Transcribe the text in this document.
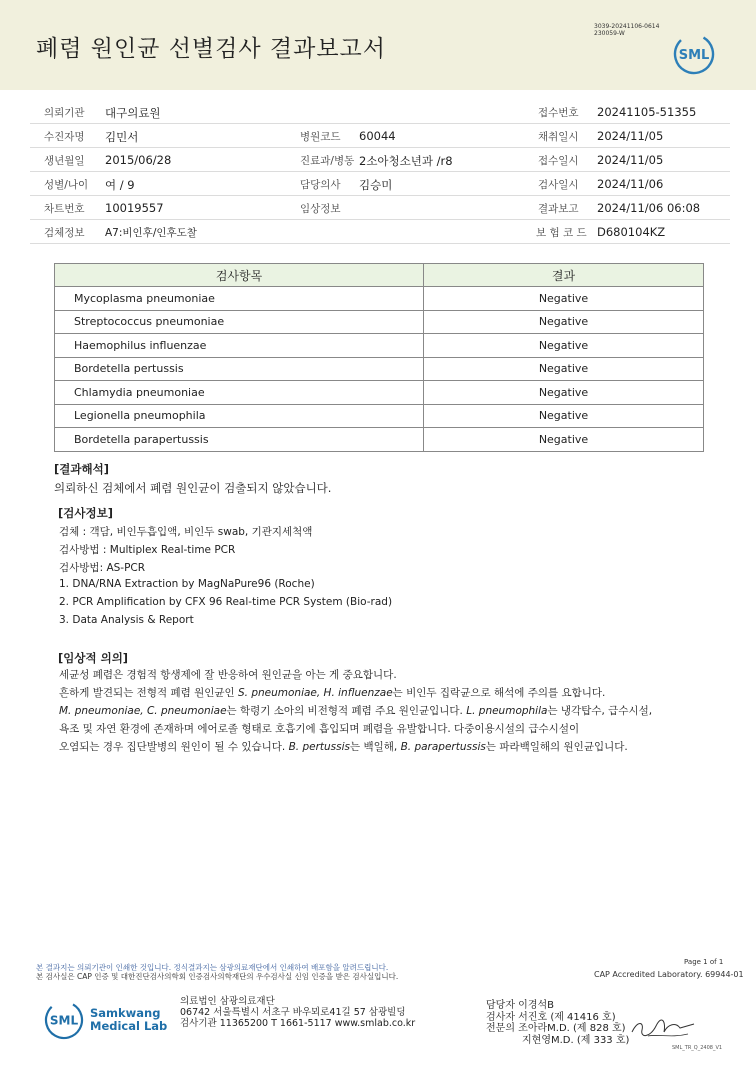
폐렴 원인균 선별검사 결과보고서
3039-20241106-0614
230059-W
SML
의뢰기관 대구의료원	접수번호 20241105-51355
수진자명 김민서	병원코드 60044	채취일시 2024/11/05
생년월일 2015/06/28	진료과/병동 2소아청소년과 /r8	접수일시 2024/11/05
성별/나이 여 / 9	담당의사 김승미	검사일시 2024/11/06
차트번호 10019557	임상정보	결과보고 2024/11/06 06:08
검체정보 A7:비인후/인후도찰	보 험 코 드 D680104KZ
검사항목	결과
Mycoplasma pneumoniae	Negative
Streptococcus pneumoniae	Negative
Haemophilus influenzae	Negative
Bordetella pertussis	Negative
Chlamydia pneumoniae	Negative
Legionella pneumophila	Negative
Bordetella parapertussis	Negative
[결과해석]
의뢰하신 검체에서 폐렴 원인균이 검출되지 않았습니다.
[검사정보]
검체 : 객담, 비인두흡입액, 비인두 swab, 기관지세척액
검사방법 : Multiplex Real-time PCR
검사방법: AS-PCR
1. DNA/RNA Extraction by MagNaPure96 (Roche)
2. PCR Amplification by CFX 96 Real-time PCR System (Bio-rad)
3. Data Analysis & Report
[임상적 의의]
세균성 폐렴은 경험적 항생제에 잘 반응하여 원인균을 아는 게 중요합니다.
흔하게 발견되는 전형적 폐렴 원인균인 S. pneumoniae, H. influenzae는 비인두 집락균으로 해석에 주의를 요합니다.
M. pneumoniae, C. pneumoniae는 학령기 소아의 비전형적 폐렴 주요 원인균입니다. L. pneumophila는 냉각탑수, 급수시설,
욕조 및 자연 환경에 존재하며 에어로졸 형태로 호흡기에 흡입되며 폐렴을 유발합니다. 다중이용시설의 급수시설이
오염되는 경우 집단발병의 원인이 될 수 있습니다. B. pertussis는 백일해, B. parapertussis는 파라백일해의 원인균입니다.
본 결과지는 의뢰기관이 인쇄한 것입니다. 정식결과지는 삼광의료재단에서 인쇄하여 배포함을 알려드립니다.
본 검사실은 CAP 인증 및 대한진단검사의학회 인증검사의학재단의 우수검사실 신임 인증을 받은 검사실입니다.
Page 1 of 1
CAP Accredited Laboratory. 69944-01
SML
Samkwang
Medical Lab
의료법인 삼광의료재단
06742 서울특별시 서초구 바우뫼로41길 57 삼광빌딩
검사기관 11365200 T 1661-5117 www.smlab.co.kr
담당자 이경석B
검사자 서진호 (제 41416 호)
전문의 조아라M.D. (제 828 호)
지현영M.D. (제 333 호)
SML_TR_Q_2408_V1
